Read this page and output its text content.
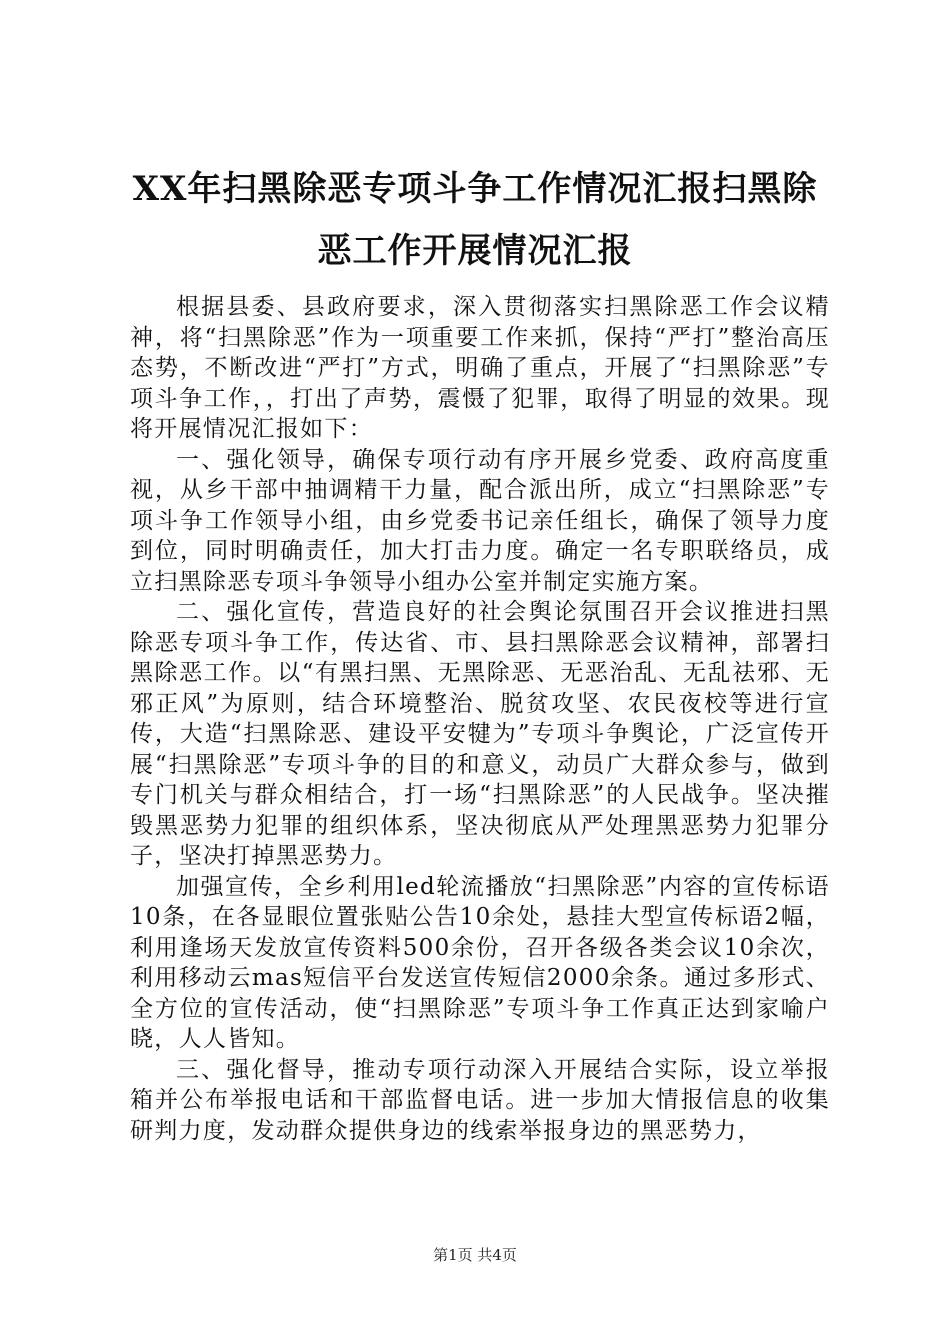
XX年扫黑除恶专项斗争工作情况汇报扫黑除
恶工作开展情况汇报

根据县委、县政府要求，深入贯彻落实扫黑除恶工作会议精神，将“扫黑除恶”作为一项重要工作来抓，保持“严打”整治高压态势，不断改进“严打”方式，明确了重点，开展了“扫黑除恶”专项斗争工作，，打出了声势，震慑了犯罪，取得了明显的效果。现将开展情况汇报如下：

一、强化领导，确保专项行动有序开展乡党委、政府高度重视，从乡干部中抽调精干力量，配合派出所，成立“扫黑除恶”专项斗争工作领导小组，由乡党委书记亲任组长，确保了领导力度到位，同时明确责任，加大打击力度。确定一名专职联络员，成立扫黑除恶专项斗争领导小组办公室并制定实施方案。

二、强化宣传，营造良好的社会舆论氛围召开会议推进扫黑除恶专项斗争工作，传达省、市、县扫黑除恶会议精神，部署扫黑除恶工作。以“有黑扫黑、无黑除恶、无恶治乱、无乱祛邪、无邪正风”为原则，结合环境整治、脱贫攻坚、农民夜校等进行宣传，大造“扫黑除恶、建设平安犍为”专项斗争舆论，广泛宣传开展“扫黑除恶”专项斗争的目的和意义，动员广大群众参与，做到专门机关与群众相结合，打一场“扫黑除恶”的人民战争。坚决摧毁黑恶势力犯罪的组织体系，坚决彻底从严处理黑恶势力犯罪分子，坚决打掉黑恶势力。

加强宣传，全乡利用led轮流播放“扫黑除恶”内容的宣传标语10条，在各显眼位置张贴公告10余处，悬挂大型宣传标语2幅，利用逢场天发放宣传资料500余份，召开各级各类会议10余次，利用移动云mas短信平台发送宣传短信2000余条。通过多形式、全方位的宣传活动，使“扫黑除恶”专项斗争工作真正达到家喻户晓，人人皆知。

三、强化督导，推动专项行动深入开展结合实际，设立举报箱并公布举报电话和干部监督电话。进一步加大情报信息的收集研判力度，发动群众提供身边的线索举报身边的黑恶势力，

第1页 共4页
